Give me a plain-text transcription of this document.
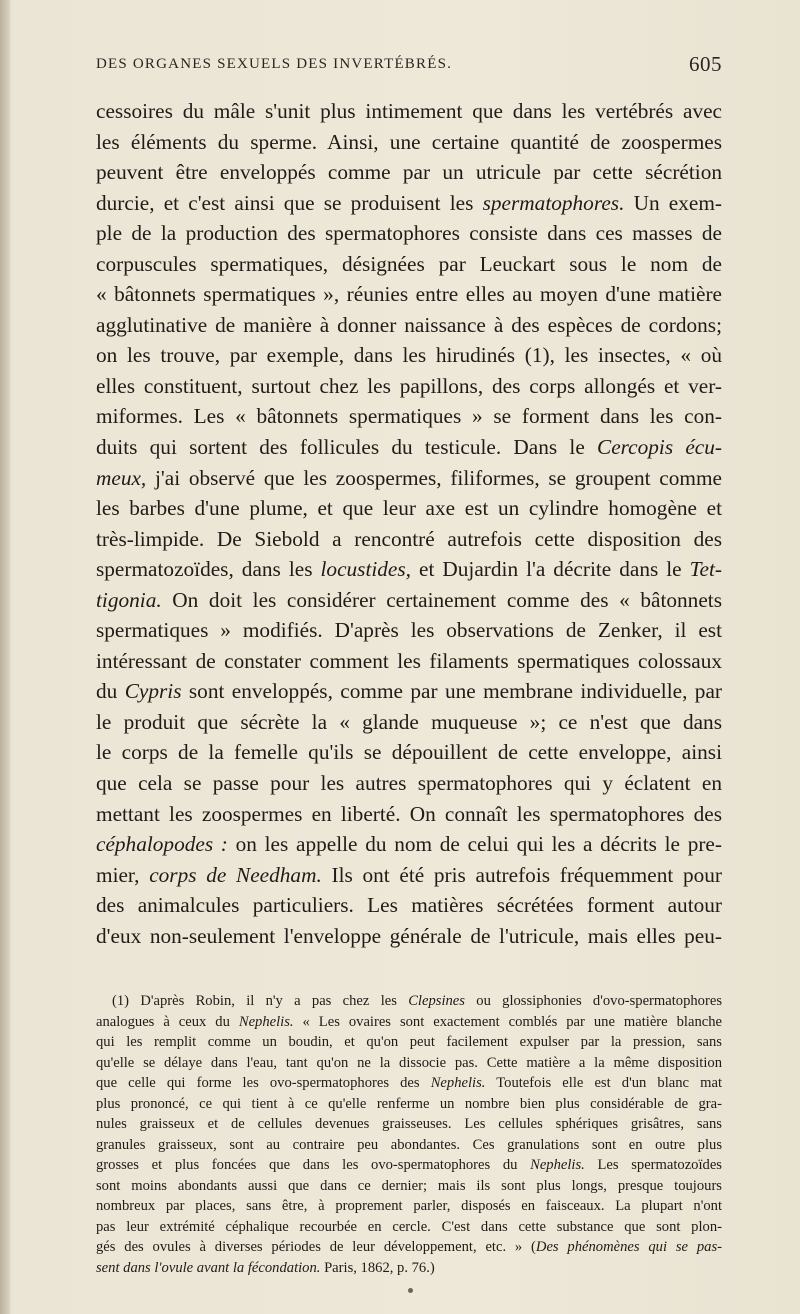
DES ORGANES SEXUELS DES INVERTÉBRÉS.	605
cessoires du mâle s'unit plus intimement que dans les vertébrés avec
les éléments du sperme. Ainsi, une certaine quantité de zoospermes
peuvent être enveloppés comme par un utricule par cette sécrétion
durcie, et c'est ainsi que se produisent les spermatophores. Un exem-
ple de la production des spermatophores consiste dans ces masses de
corpuscules spermatiques, désignées par Leuckart sous le nom de
« bâtonnets spermatiques », réunies entre elles au moyen d'une matière
agglutinative de manière à donner naissance à des espèces de cordons;
on les trouve, par exemple, dans les hirudinés (1), les insectes, « où
elles constituent, surtout chez les papillons, des corps allongés et ver-
miformes. Les « bâtonnets spermatiques » se forment dans les con-
duits qui sortent des follicules du testicule. Dans le Cercopis écu-
meux, j'ai observé que les zoospermes, filiformes, se groupent comme
les barbes d'une plume, et que leur axe est un cylindre homogène et
très-limpide. De Siebold a rencontré autrefois cette disposition des
spermatozoïdes, dans les locustides, et Dujardin l'a décrite dans le Tet-
tigonia. On doit les considérer certainement comme des « bâtonnets
spermatiques » modifiés. D'après les observations de Zenker, il est
intéressant de constater comment les filaments spermatiques colossaux
du Cypris sont enveloppés, comme par une membrane individuelle, par
le produit que sécrète la « glande muqueuse »; ce n'est que dans
le corps de la femelle qu'ils se dépouillent de cette enveloppe, ainsi
que cela se passe pour les autres spermatophores qui y éclatent en
mettant les zoospermes en liberté. On connaît les spermatophores des
céphalopodes : on les appelle du nom de celui qui les a décrits le pre-
mier, corps de Needham. Ils ont été pris autrefois fréquemment pour
des animalcules particuliers. Les matières sécrétées forment autour
d'eux non-seulement l'enveloppe générale de l'utricule, mais elles peu-
(1) D'après Robin, il n'y a pas chez les Clepsines ou glossiphonies d'ovo-spermatophores
analogues à ceux du Nephelis. « Les ovaires sont exactement comblés par une matière blanche
qui les remplit comme un boudin, et qu'on peut facilement expulser par la pression, sans
qu'elle se délaye dans l'eau, tant qu'on ne la dissocie pas. Cette matière a la même disposition
que celle qui forme les ovo-spermatophores des Nephelis. Toutefois elle est d'un blanc mat
plus prononcé, ce qui tient à ce qu'elle renferme un nombre bien plus considérable de gra-
nules graisseux et de cellules devenues graisseuses. Les cellules sphériques grisâtres, sans
granules graisseux, sont au contraire peu abondantes. Ces granulations sont en outre plus
grosses et plus foncées que dans les ovo-spermatophores du Nephelis. Les spermatozoïdes
sont moins abondants aussi que dans ce dernier; mais ils sont plus longs, presque toujours
nombreux par places, sans être, à proprement parler, disposés en faisceaux. La plupart n'ont
pas leur extrémité céphalique recourbée en cercle. C'est dans cette substance que sont plon-
gés des ovules à diverses périodes de leur développement, etc. » (Des phénomènes qui se pas-
sent dans l'ovule avant la fécondation. Paris, 1862, p. 76.)
